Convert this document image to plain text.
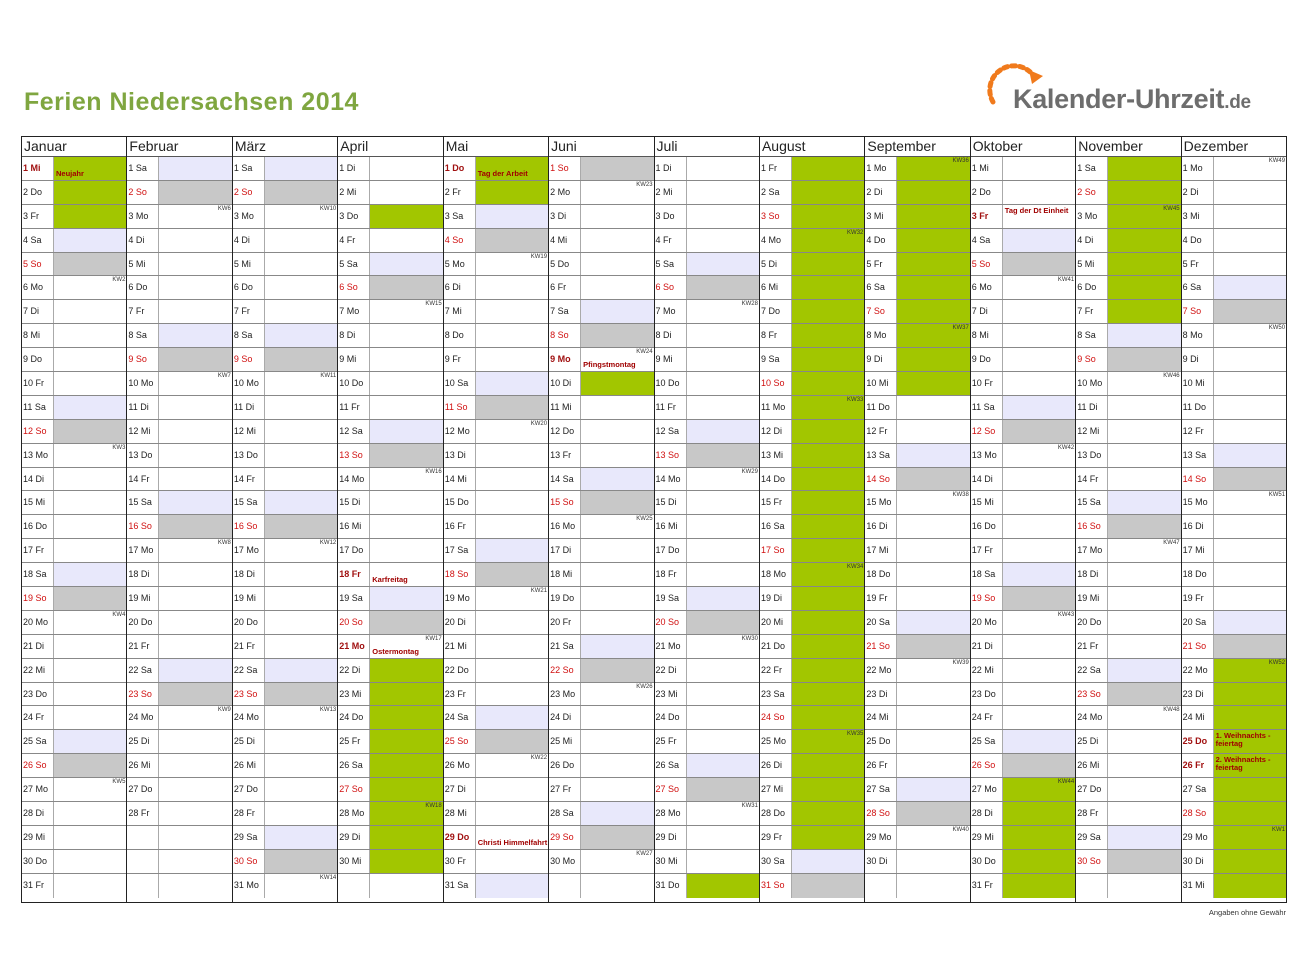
Ferien Niedersachsen 2014	Kalender-Uhrzeit.de
Januar
1 Mi
Neujahr
2 Do
3 Fr
4 Sa
5 So
6 Mo
KW2
7 Di
8 Mi
9 Do
10 Fr
11 Sa
12 So
13 Mo
KW3
14 Di
15 Mi
16 Do
17 Fr
18 Sa
19 So
20 Mo
KW4
21 Di
22 Mi
23 Do
24 Fr
25 Sa
26 So
27 Mo
KW5
28 Di
29 Mi
30 Do
31 Fr
Februar
1 Sa
2 So
3 Mo
KW6
4 Di
5 Mi
6 Do
7 Fr
8 Sa
9 So
10 Mo
KW7
11 Di
12 Mi
13 Do
14 Fr
15 Sa
16 So
17 Mo
KW8
18 Di
19 Mi
20 Do
21 Fr
22 Sa
23 So
24 Mo
KW9
25 Di
26 Mi
27 Do
28 Fr
März
1 Sa
2 So
3 Mo
KW10
4 Di
5 Mi
6 Do
7 Fr
8 Sa
9 So
10 Mo
KW11
11 Di
12 Mi
13 Do
14 Fr
15 Sa
16 So
17 Mo
KW12
18 Di
19 Mi
20 Do
21 Fr
22 Sa
23 So
24 Mo
KW13
25 Di
26 Mi
27 Do
28 Fr
29 Sa
30 So
31 Mo
KW14
April
1 Di
2 Mi
3 Do
4 Fr
5 Sa
6 So
7 Mo
KW15
8 Di
9 Mi
10 Do
11 Fr
12 Sa
13 So
14 Mo
KW16
15 Di
16 Mi
17 Do
18 Fr
Karfreitag
19 Sa
20 So
21 Mo
KW17
Ostermontag
22 Di
23 Mi
24 Do
25 Fr
26 Sa
27 So
28 Mo
KW18
29 Di
30 Mi
Mai
1 Do
Tag der Arbeit
2 Fr
3 Sa
4 So
5 Mo
KW19
6 Di
7 Mi
8 Do
9 Fr
10 Sa
11 So
12 Mo
KW20
13 Di
14 Mi
15 Do
16 Fr
17 Sa
18 So
19 Mo
KW21
20 Di
21 Mi
22 Do
23 Fr
24 Sa
25 So
26 Mo
KW22
27 Di
28 Mi
29 Do
Christi Himmelfahrt
30 Fr
31 Sa
Juni
1 So
2 Mo
KW23
3 Di
4 Mi
5 Do
6 Fr
7 Sa
8 So
9 Mo
KW24
Pfingstmontag
10 Di
11 Mi
12 Do
13 Fr
14 Sa
15 So
16 Mo
KW25
17 Di
18 Mi
19 Do
20 Fr
21 Sa
22 So
23 Mo
KW26
24 Di
25 Mi
26 Do
27 Fr
28 Sa
29 So
30 Mo
KW27
Juli
1 Di
2 Mi
3 Do
4 Fr
5 Sa
6 So
7 Mo
KW28
8 Di
9 Mi
10 Do
11 Fr
12 Sa
13 So
14 Mo
KW29
15 Di
16 Mi
17 Do
18 Fr
19 Sa
20 So
21 Mo
KW30
22 Di
23 Mi
24 Do
25 Fr
26 Sa
27 So
28 Mo
KW31
29 Di
30 Mi
31 Do
August
1 Fr
2 Sa
3 So
4 Mo
KW32
5 Di
6 Mi
7 Do
8 Fr
9 Sa
10 So
11 Mo
KW33
12 Di
13 Mi
14 Do
15 Fr
16 Sa
17 So
18 Mo
KW34
19 Di
20 Mi
21 Do
22 Fr
23 Sa
24 So
25 Mo
KW35
26 Di
27 Mi
28 Do
29 Fr
30 Sa
31 So
September
1 Mo
KW36
2 Di
3 Mi
4 Do
5 Fr
6 Sa
7 So
8 Mo
KW37
9 Di
10 Mi
11 Do
12 Fr
13 Sa
14 So
15 Mo
KW38
16 Di
17 Mi
18 Do
19 Fr
20 Sa
21 So
22 Mo
KW39
23 Di
24 Mi
25 Do
26 Fr
27 Sa
28 So
29 Mo
KW40
30 Di
Oktober
1 Mi
2 Do
3 Fr
Tag der Dt Einheit
4 Sa
5 So
6 Mo
KW41
7 Di
8 Mi
9 Do
10 Fr
11 Sa
12 So
13 Mo
KW42
14 Di
15 Mi
16 Do
17 Fr
18 Sa
19 So
20 Mo
KW43
21 Di
22 Mi
23 Do
24 Fr
25 Sa
26 So
27 Mo
KW44
28 Di
29 Mi
30 Do
31 Fr
November
1 Sa
2 So
3 Mo
KW45
4 Di
5 Mi
6 Do
7 Fr
8 Sa
9 So
10 Mo
KW46
11 Di
12 Mi
13 Do
14 Fr
15 Sa
16 So
17 Mo
KW47
18 Di
19 Mi
20 Do
21 Fr
22 Sa
23 So
24 Mo
KW48
25 Di
26 Mi
27 Do
28 Fr
29 Sa
30 So
Dezember
1 Mo
KW49
2 Di
3 Mi
4 Do
5 Fr
6 Sa
7 So
8 Mo
KW50
9 Di
10 Mi
11 Do
12 Fr
13 Sa
14 So
15 Mo
KW51
16 Di
17 Mi
18 Do
19 Fr
20 Sa
21 So
22 Mo
KW52
23 Di
24 Mi
25 Do
1. Weihnachts -feiertag
26 Fr
2. Weihnachts -feiertag
27 Sa
28 So
29 Mo
KW1
30 Di
31 Mi
Angaben ohne Gewähr
